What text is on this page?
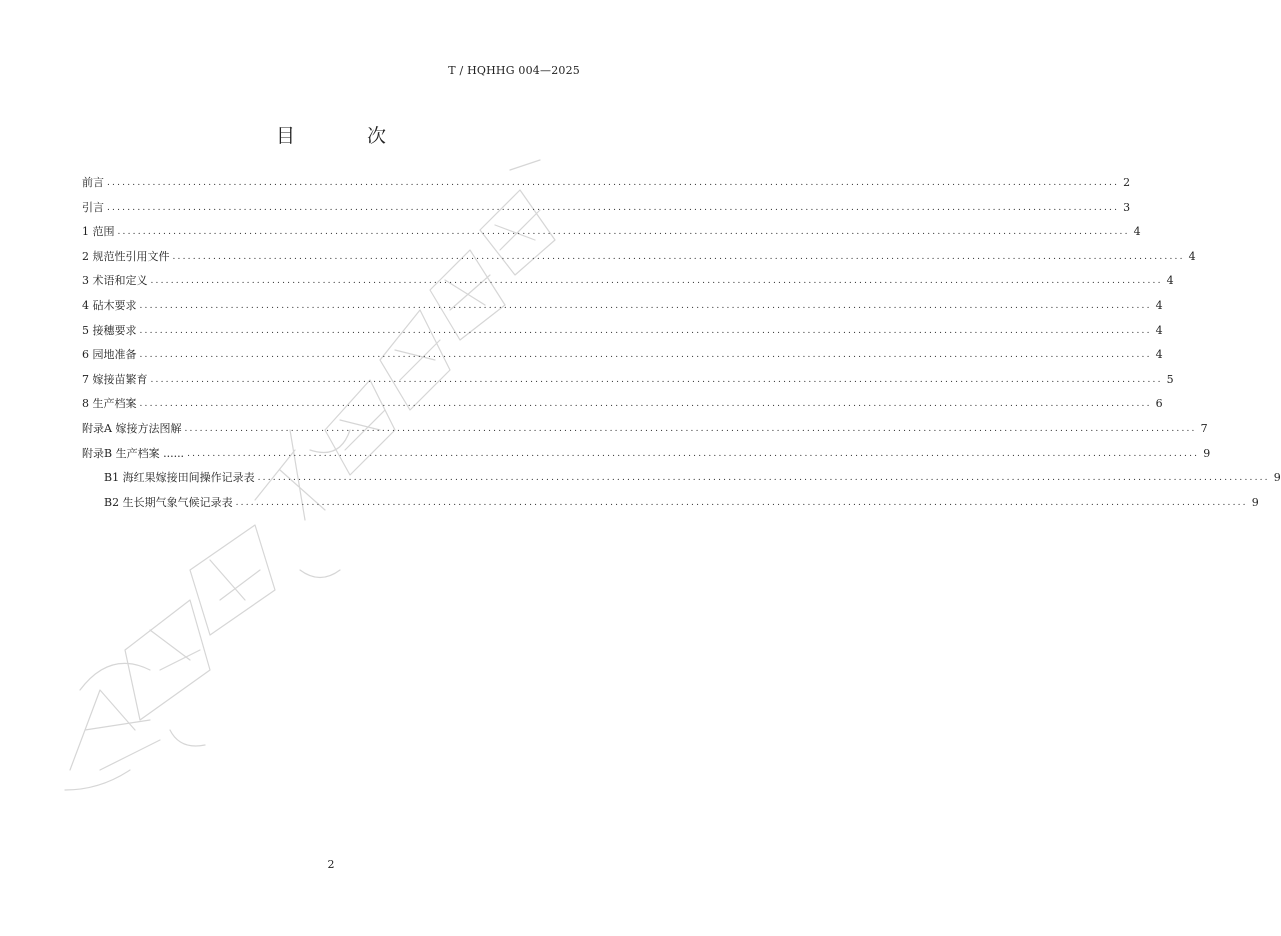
T / HQHHG 004—2025
目	次
前言 ........................................................................................................................................................................................................ 2
引言 ........................................................................................................................................................................................................ 3
1 范围 ........................................................................................................................................................................................................ 4
2 规范性引用文件 ........................................................................................................................................................................................................ 4
3 术语和定义 ........................................................................................................................................................................................................ 4
4 砧木要求 ........................................................................................................................................................................................................ 4
5 接穗要求 ........................................................................................................................................................................................................ 4
6 园地准备 ........................................................................................................................................................................................................ 4
7 嫁接苗繁育 ........................................................................................................................................................................................................ 5
8 生产档案 ........................................................................................................................................................................................................ 6
附录A 嫁接方法图解 ........................................................................................................................................................................................................ 7
附录B 生产档案 ...... ........................................................................................................................................................................................................ 9
B1 海红果嫁接田间操作记录表 ........................................................................................................................................................................................................ 9
B2 生长期气象气候记录表 ........................................................................................................................................................................................................ 9
2
